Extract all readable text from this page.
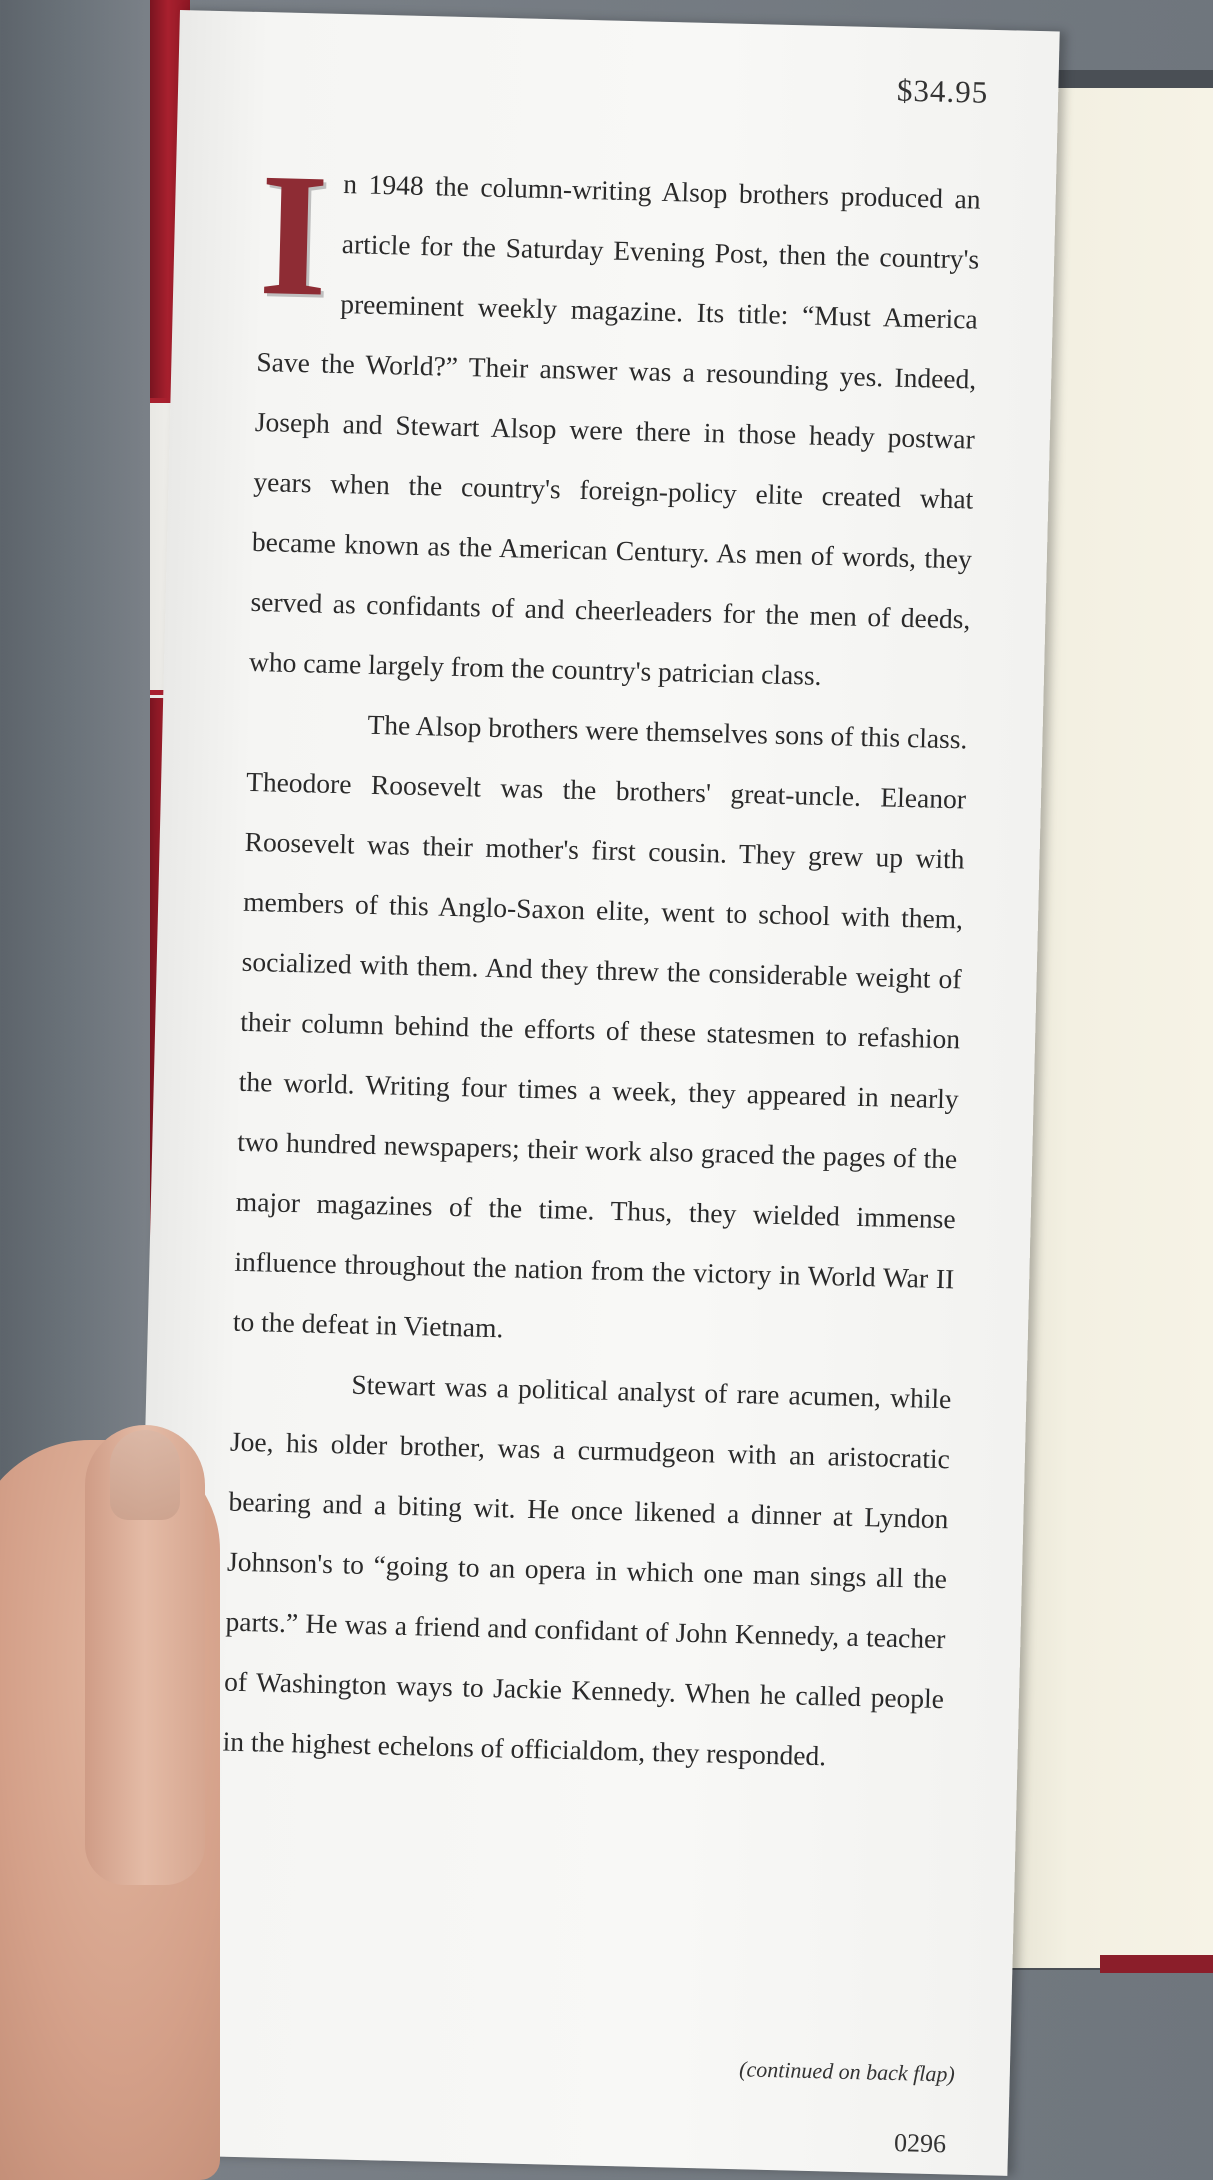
$34.95

In 1948 the column-writing Alsop brothers produced an article for the Saturday Evening Post, then the country's preeminent weekly magazine. Its title: “Must America Save the World?” Their answer was a resounding yes. Indeed, Joseph and Stewart Alsop were there in those heady postwar years when the country's foreign-policy elite created what became known as the American Century. As men of words, they served as confidants of and cheerleaders for the men of deeds, who came largely from the country's patrician class.

The Alsop brothers were themselves sons of this class. Theodore Roosevelt was the brothers' great-uncle. Eleanor Roosevelt was their mother's first cousin. They grew up with members of this Anglo-Saxon elite, went to school with them, socialized with them. And they threw the considerable weight of their column behind the efforts of these statesmen to refashion the world. Writing four times a week, they appeared in nearly two hundred newspapers; their work also graced the pages of the major magazines of the time. Thus, they wielded immense influence throughout the nation from the victory in World War II to the defeat in Vietnam.

Stewart was a political analyst of rare acumen, while Joe, his older brother, was a curmudgeon with an aristocratic bearing and a biting wit. He once likened a dinner at Lyndon Johnson's to “going to an opera in which one man sings all the parts.” He was a friend and confidant of John Kennedy, a teacher of Washington ways to Jackie Kennedy. When he called people in the highest echelons of officialdom, they responded.

(continued on back flap)
0296
